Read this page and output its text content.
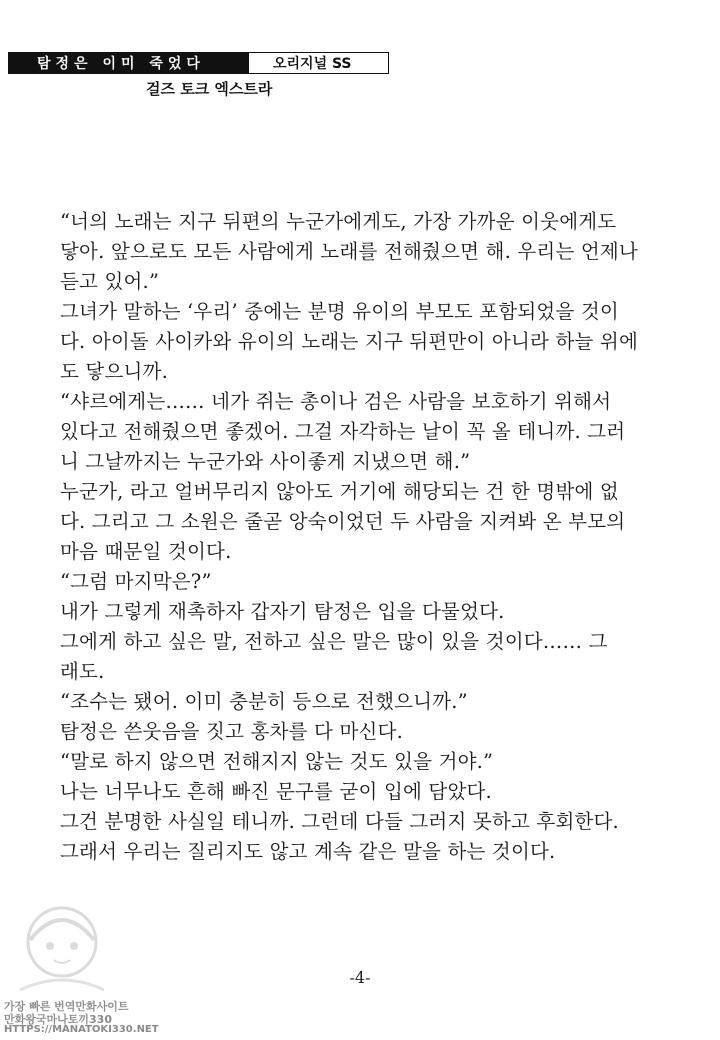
탐정은 이미 죽었다	오리지널 SS
걸즈 토크 엑스트라
“너의 노래는 지구 뒤편의 누군가에게도, 가장 가까운 이웃에게도
닿아. 앞으로도 모든 사람에게 노래를 전해줬으면 해. 우리는 언제나
듣고 있어.”
그녀가 말하는 ‘우리’ 중에는 분명 유이의 부모도 포함되었을 것이
다. 아이돌 사이카와 유이의 노래는 지구 뒤편만이 아니라 하늘 위에
도 닿으니까.
“샤르에게는…… 네가 쥐는 총이나 검은 사람을 보호하기 위해서
있다고 전해줬으면 좋겠어. 그걸 자각하는 날이 꼭 올 테니까. 그러
니 그날까지는 누군가와 사이좋게 지냈으면 해.”
누군가, 라고 얼버무리지 않아도 거기에 해당되는 건 한 명밖에 없
다. 그리고 그 소원은 줄곧 앙숙이었던 두 사람을 지켜봐 온 부모의
마음 때문일 것이다.
“그럼 마지막은?”
내가 그렇게 재촉하자 갑자기 탐정은 입을 다물었다.
그에게 하고 싶은 말, 전하고 싶은 말은 많이 있을 것이다…… 그
래도.
“조수는 됐어. 이미 충분히 등으로 전했으니까.”
탐정은 쓴웃음을 짓고 홍차를 다 마신다.
“말로 하지 않으면 전해지지 않는 것도 있을 거야.”
나는 너무나도 흔해 빠진 문구를 굳이 입에 담았다.
그건 분명한 사실일 테니까. 그런데 다들 그러지 못하고 후회한다.
그래서 우리는 질리지도 않고 계속 같은 말을 하는 것이다.
-4-
가장 빠른 번역만화사이트
만화왕국마나토끼330
HTTPS://MANATOKI330.NET
